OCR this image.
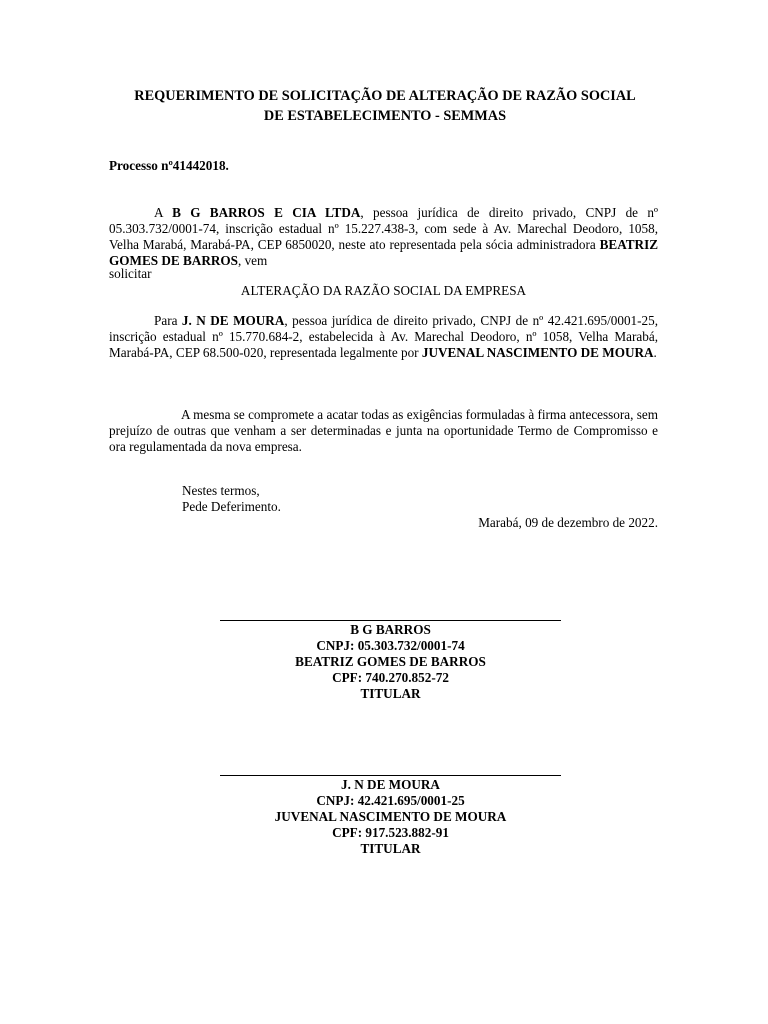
REQUERIMENTO DE SOLICITAÇÃO DE ALTERAÇÃO DE RAZÃO SOCIAL
DE ESTABELECIMENTO - SEMMAS
Processo nº41442018.
A B G BARROS E CIA LTDA, pessoa jurídica de direito privado, CNPJ de nº 05.303.732/0001-74, inscrição estadual nº 15.227.438-3, com sede à Av. Marechal Deodoro, 1058, Velha Marabá, Marabá-PA, CEP 6850020, neste ato representada pela sócia administradora BEATRIZ GOMES DE BARROS, vem
solicitar
ALTERAÇÃO DA RAZÃO SOCIAL DA EMPRESA
Para J. N DE MOURA, pessoa jurídica de direito privado, CNPJ de nº 42.421.695/0001-25, inscrição estadual nº 15.770.684-2, estabelecida à Av. Marechal Deodoro, nº 1058, Velha Marabá, Marabá-PA, CEP 68.500-020, representada legalmente por JUVENAL NASCIMENTO DE MOURA.
A mesma se compromete a acatar todas as exigências formuladas à firma antecessora, sem prejuízo de outras que venham a ser determinadas e junta na oportunidade Termo de Compromisso e ora regulamentada da nova empresa.
Nestes termos,
Pede Deferimento.
Marabá, 09 de dezembro de 2022.
B G BARROS
CNPJ: 05.303.732/0001-74
BEATRIZ GOMES DE BARROS
CPF: 740.270.852-72
TITULAR
J. N DE MOURA
CNPJ: 42.421.695/0001-25
JUVENAL NASCIMENTO DE MOURA
CPF: 917.523.882-91
TITULAR
